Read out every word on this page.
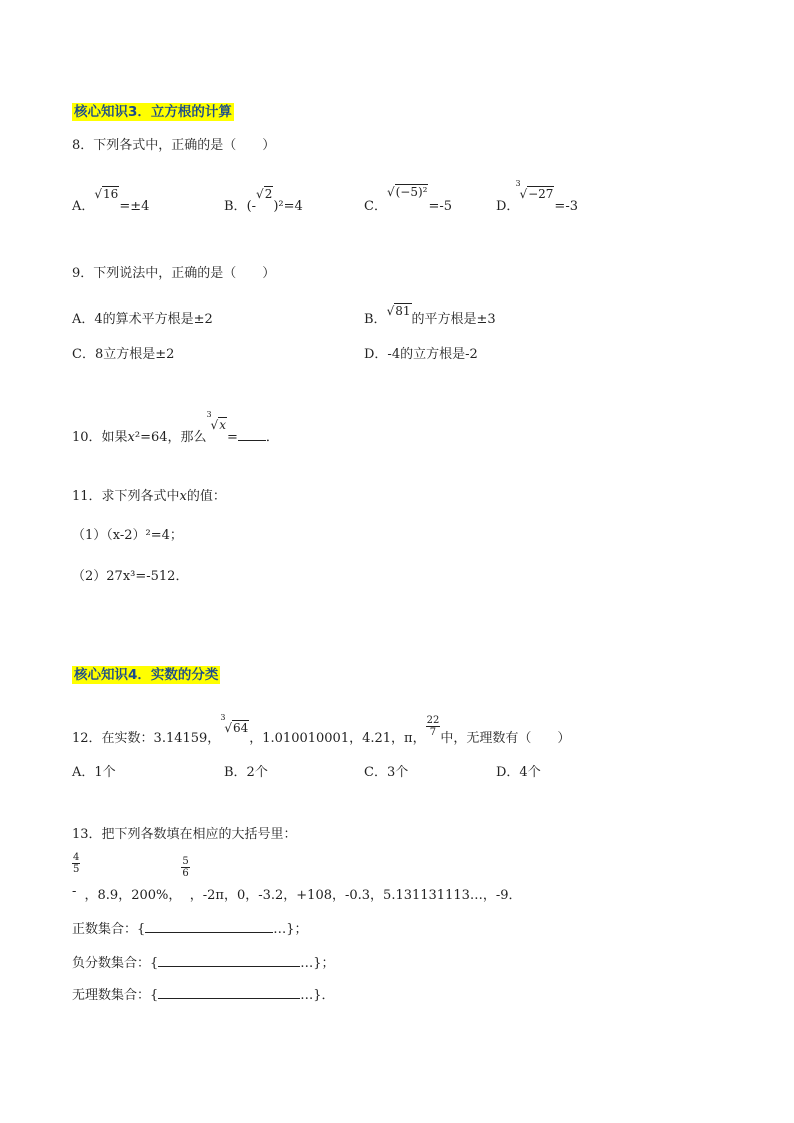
核心知识3．立方根的计算
8．下列各式中，正确的是（　　）
A．√16=±4	B．(-√2)²=4	C．√(−5)²=-5	D．
3
√−27=-3
9．下列说法中，正确的是（　　）
A．4的算术平方根是±2	B．√81的平方根是±3
C．8立方根是±2	D．-4的立方根是-2
10．如果x²=64，那么
3
√x= ．
11．求下列各式中x的值：
（1）（x-2）²=4；
（2）27x³=-512．
核心知识4．实数的分类
12．在实数：3.14159，
3
√64，1.010010001，4.21，π，
$\frac{22}{7}$
中，无理数有（　　）
A．1个	B．2个	C．3个	D．4个
13．把下列各数填在相应的大括号里：
$\frac{4}{5}$
- ，8.9，200%，
$\frac{5}{6}$
，-2π，0，-3.2，+108，-0.3，5.131131113…，-9．
正数集合：{	…}；
负分数集合：{	…}；
无理数集合：{	…}．
